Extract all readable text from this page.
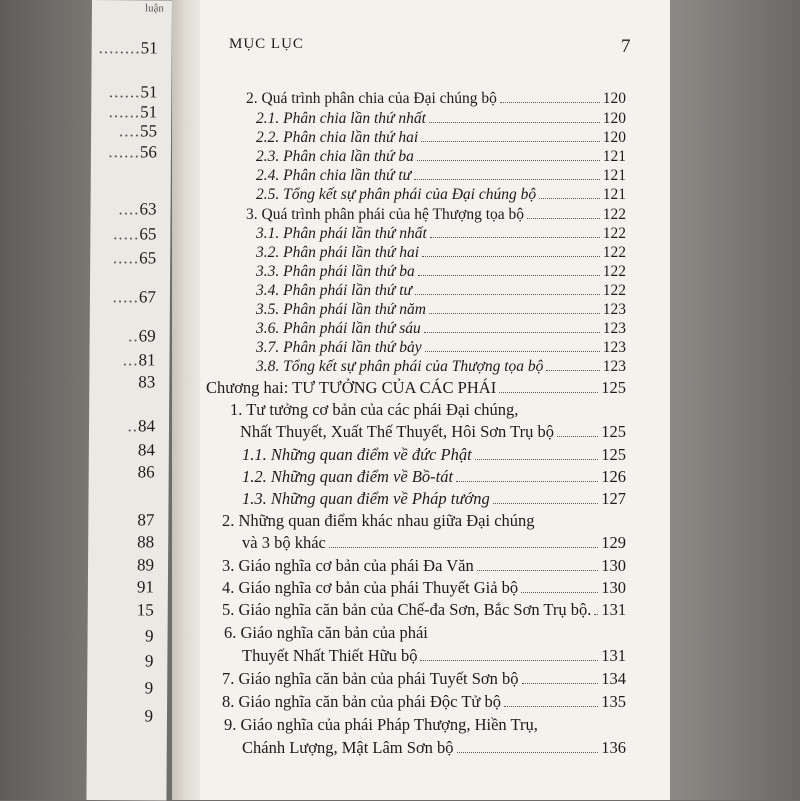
luận
........51
......51
......51
....55
......56
....63
.....65
.....65
.....67
..69
...81
83
..84
84
86
87
88
89
91
15
9
9
9
9
MỤC LỤC	7
2. Quá trình phân chia của Đại chúng bộ	120
2.1. Phân chia lần thứ nhất	120
2.2. Phân chia lần thứ hai	120
2.3. Phân chia lần thứ ba	121
2.4. Phân chia lần thứ tư	121
2.5. Tổng kết sự phân phái của Đại chúng bộ	121
3. Quá trình phân phái của hệ Thượng tọa bộ	122
3.1. Phân phái lần thứ nhất	122
3.2. Phân phái lần thứ hai	122
3.3. Phân phái lần thứ ba	122
3.4. Phân phái lần thứ tư	122
3.5. Phân phái lần thứ năm	123
3.6. Phân phái lần thứ sáu	123
3.7. Phân phái lần thứ bảy	123
3.8. Tổng kết sự phân phái của Thượng tọa bộ	123
Chương hai: TƯ TƯỞNG CỦA CÁC PHÁI	125
1. Tư tưởng cơ bản của các phái Đại chúng,
Nhất Thuyết, Xuất Thế Thuyết, Hôi Sơn Trụ bộ	125
1.1. Những quan điểm về đức Phật	125
1.2. Những quan điểm về Bồ-tát	126
1.3. Những quan điểm về Pháp tướng	127
2. Những quan điểm khác nhau giữa Đại chúng
và 3 bộ khác	129
3. Giáo nghĩa cơ bản của phái Đa Văn	130
4. Giáo nghĩa cơ bản của phái Thuyết Giả bộ	130
5. Giáo nghĩa căn bản của Chế-đa Sơn, Bắc Sơn Trụ bộ. 131
6. Giáo nghĩa căn bản của phái
Thuyết Nhất Thiết Hữu bộ	131
7. Giáo nghĩa căn bản của phái Tuyết Sơn bộ	134
8. Giáo nghĩa căn bản của phái Độc Tử bộ	135
9. Giáo nghĩa của phái Pháp Thượng, Hiền Trụ,
Chánh Lượng, Mật Lâm Sơn bộ	136
